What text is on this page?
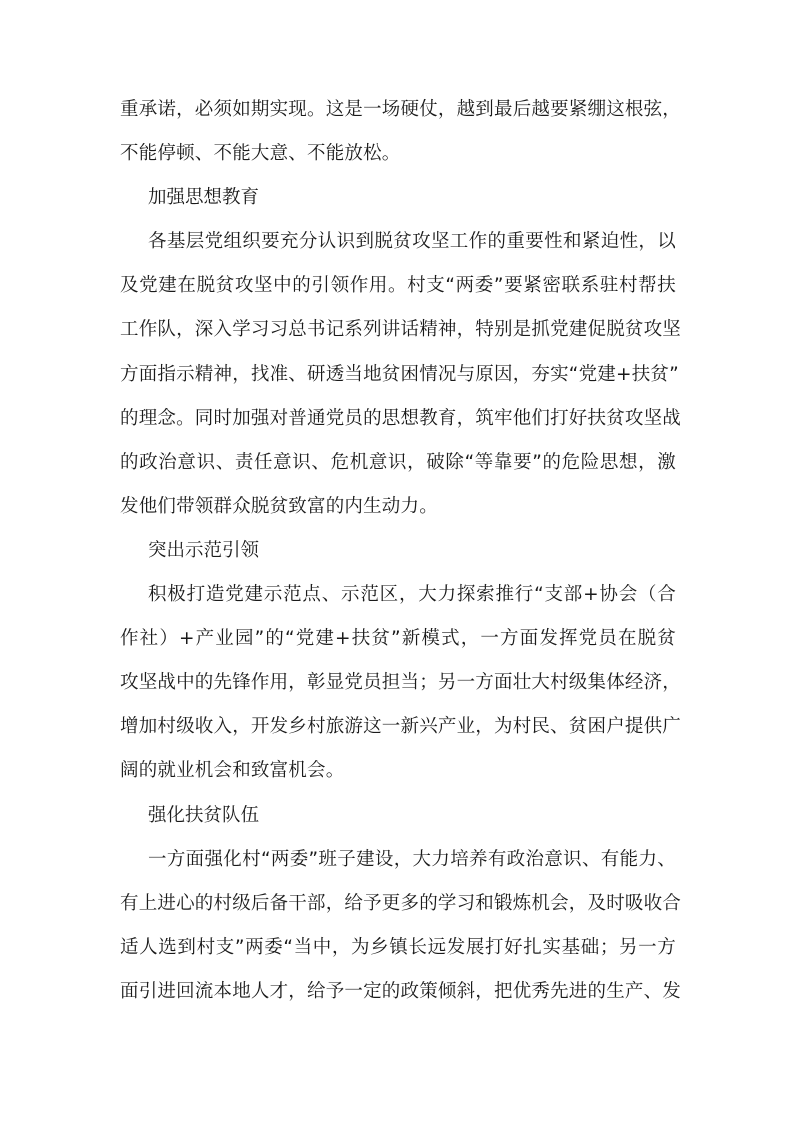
重承诺，必须如期实现。这是一场硬仗，越到最后越要紧绷这根弦，
不能停顿、不能大意、不能放松。
加强思想教育
各基层党组织要充分认识到脱贫攻坚工作的重要性和紧迫性，以
及党建在脱贫攻坚中的引领作用。村支“两委”要紧密联系驻村帮扶
工作队，深入学习习总书记系列讲话精神，特别是抓党建促脱贫攻坚
方面指示精神，找准、研透当地贫困情况与原因，夯实“党建+扶贫”
的理念。同时加强对普通党员的思想教育，筑牢他们打好扶贫攻坚战
的政治意识、责任意识、危机意识，破除“等靠要”的危险思想，激
发他们带领群众脱贫致富的内生动力。
突出示范引领
积极打造党建示范点、示范区，大力探索推行“支部+协会（合
作社）+产业园”的“党建+扶贫”新模式，一方面发挥党员在脱贫
攻坚战中的先锋作用，彰显党员担当；另一方面壮大村级集体经济，
增加村级收入，开发乡村旅游这一新兴产业，为村民、贫困户提供广
阔的就业机会和致富机会。
强化扶贫队伍
一方面强化村“两委”班子建设，大力培养有政治意识、有能力、
有上进心的村级后备干部，给予更多的学习和锻炼机会，及时吸收合
适人选到村支”两委“当中，为乡镇长远发展打好扎实基础；另一方
面引进回流本地人才，给予一定的政策倾斜，把优秀先进的生产、发
